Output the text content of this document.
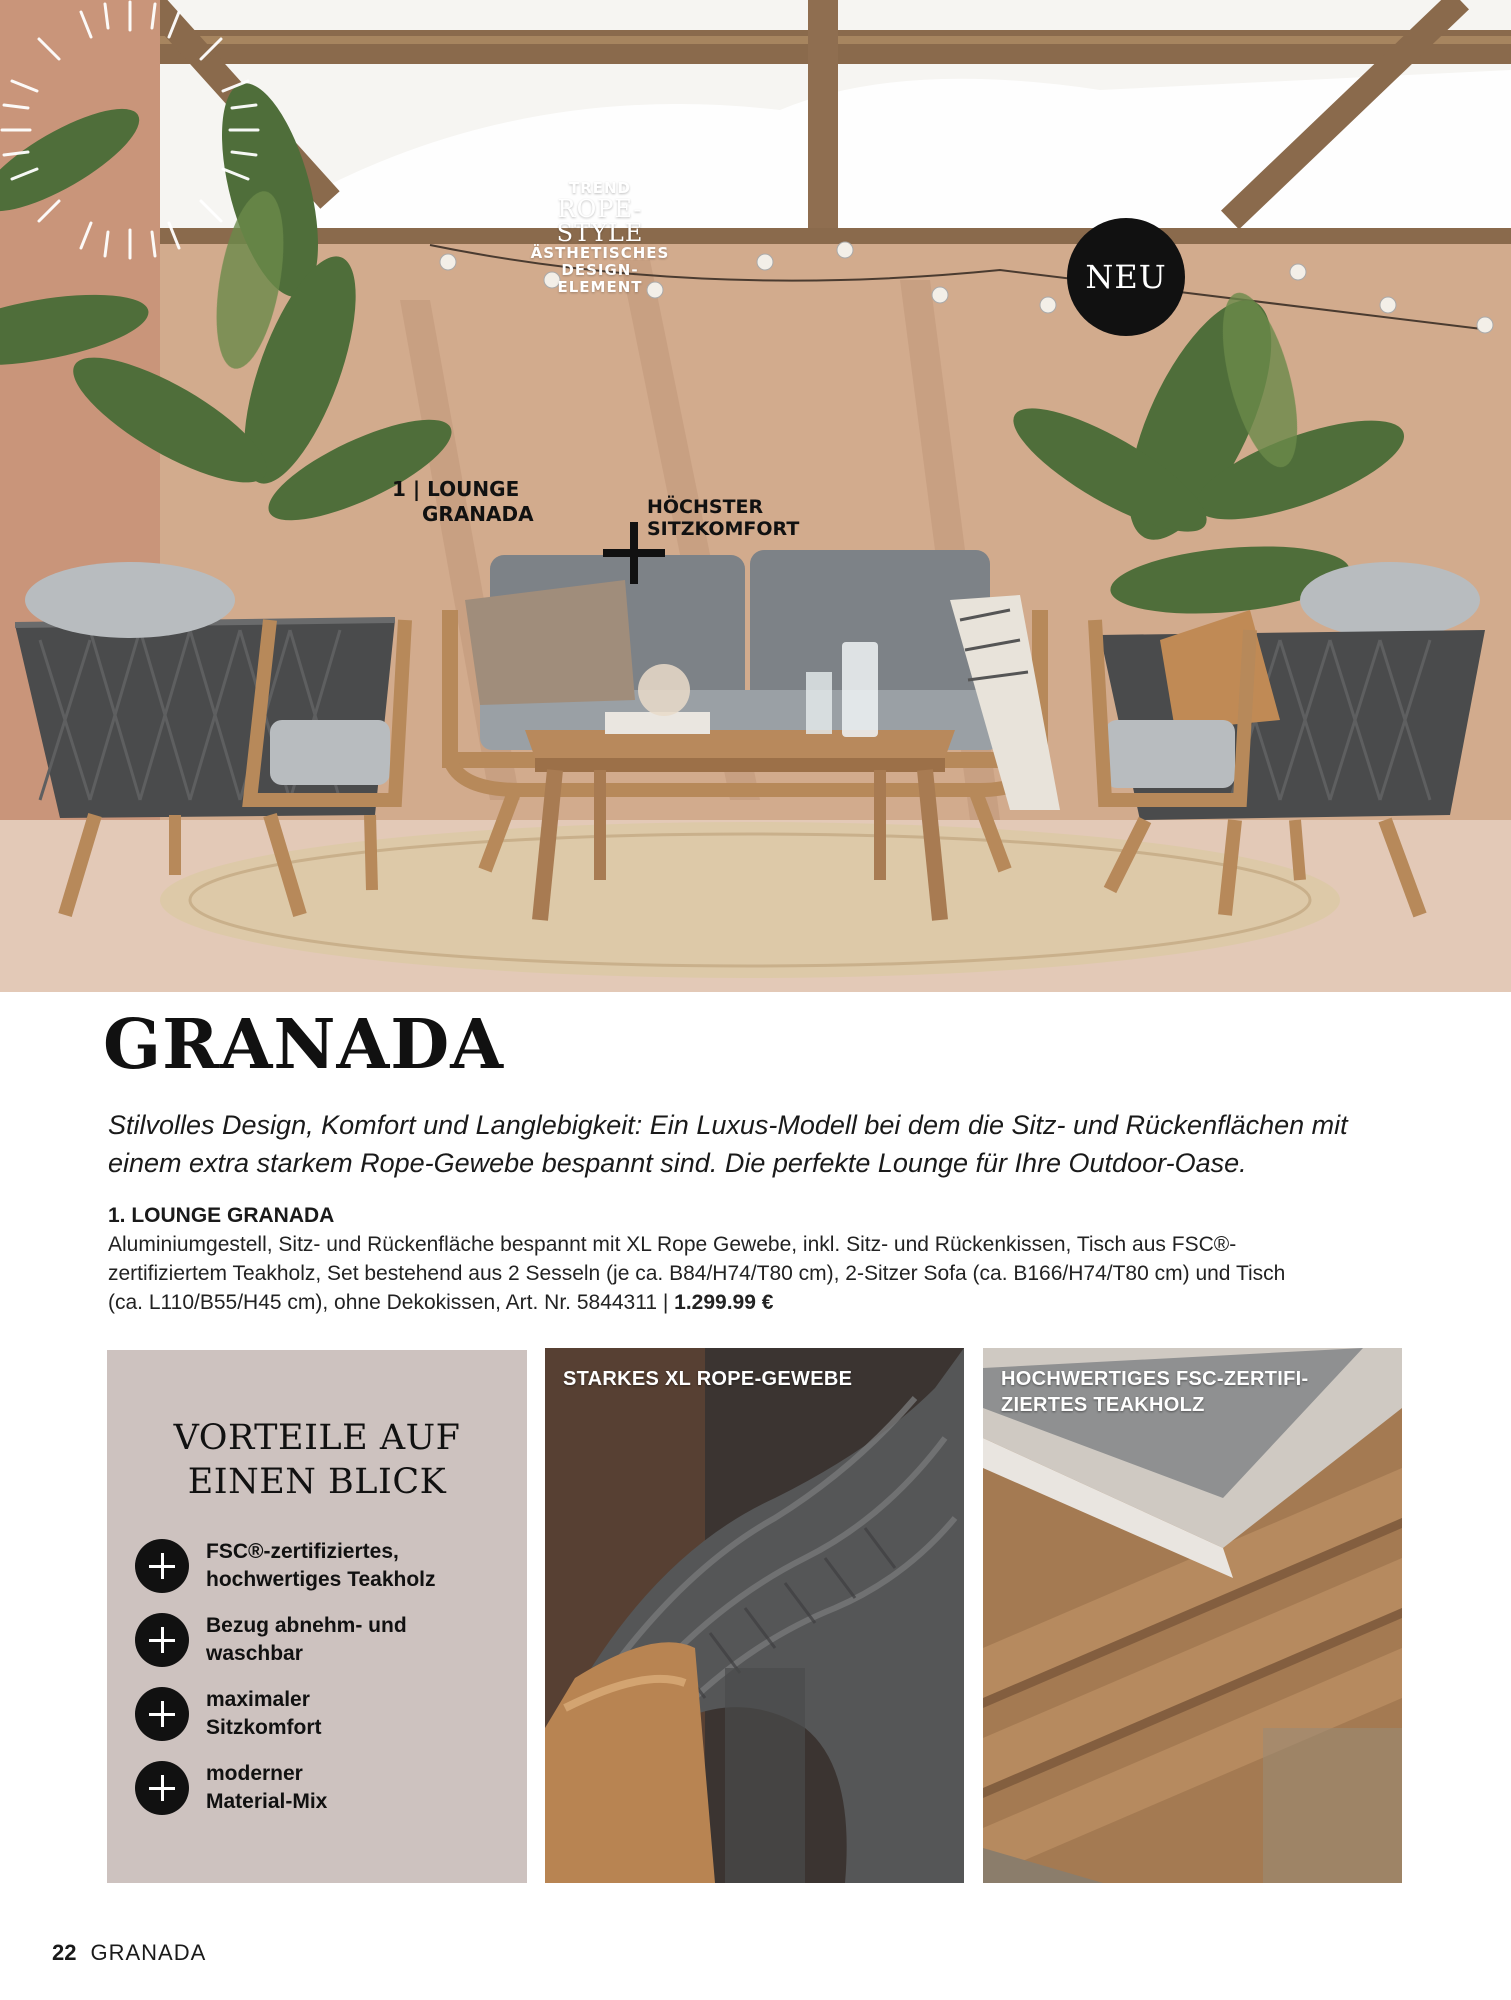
TREND
ROPE-
STYLE
ÄSTHETISCHES
DESIGN-
ELEMENT	NEU
1 | LOUNGE
GRANADA	HÖCHSTER
SITZKOMFORT
GRANADA
Stilvolles Design, Komfort und Langlebigkeit: Ein Luxus-Modell bei dem die Sitz- und Rückenflächen mit
einem extra starkem Rope-Gewebe bespannt sind. Die perfekte Lounge für Ihre Outdoor-Oase.
1. LOUNGE GRANADA
Aluminiumgestell, Sitz- und Rückenfläche bespannt mit XL Rope Gewebe, inkl. Sitz- und Rückenkissen, Tisch aus FSC®-
zertifiziertem Teakholz, Set bestehend aus 2 Sesseln (je ca. B84/H74/T80 cm), 2-Sitzer Sofa (ca. B166/H74/T80 cm) und Tisch
(ca. L110/B55/H45 cm), ohne Dekokissen, Art. Nr. 5844311 | 1.299.99 €
VORTEILE AUF
EINEN BLICK
FSC®-zertifiziertes,
hochwertiges Teakholz
Bezug abnehm- und
waschbar
maximaler
Sitzkomfort
moderner
Material-Mix
STARKES XL ROPE-GEWEBE	HOCHWERTIGES FSC-ZERTIFI-
ZIERTES TEAKHOLZ
22 GRANADA
